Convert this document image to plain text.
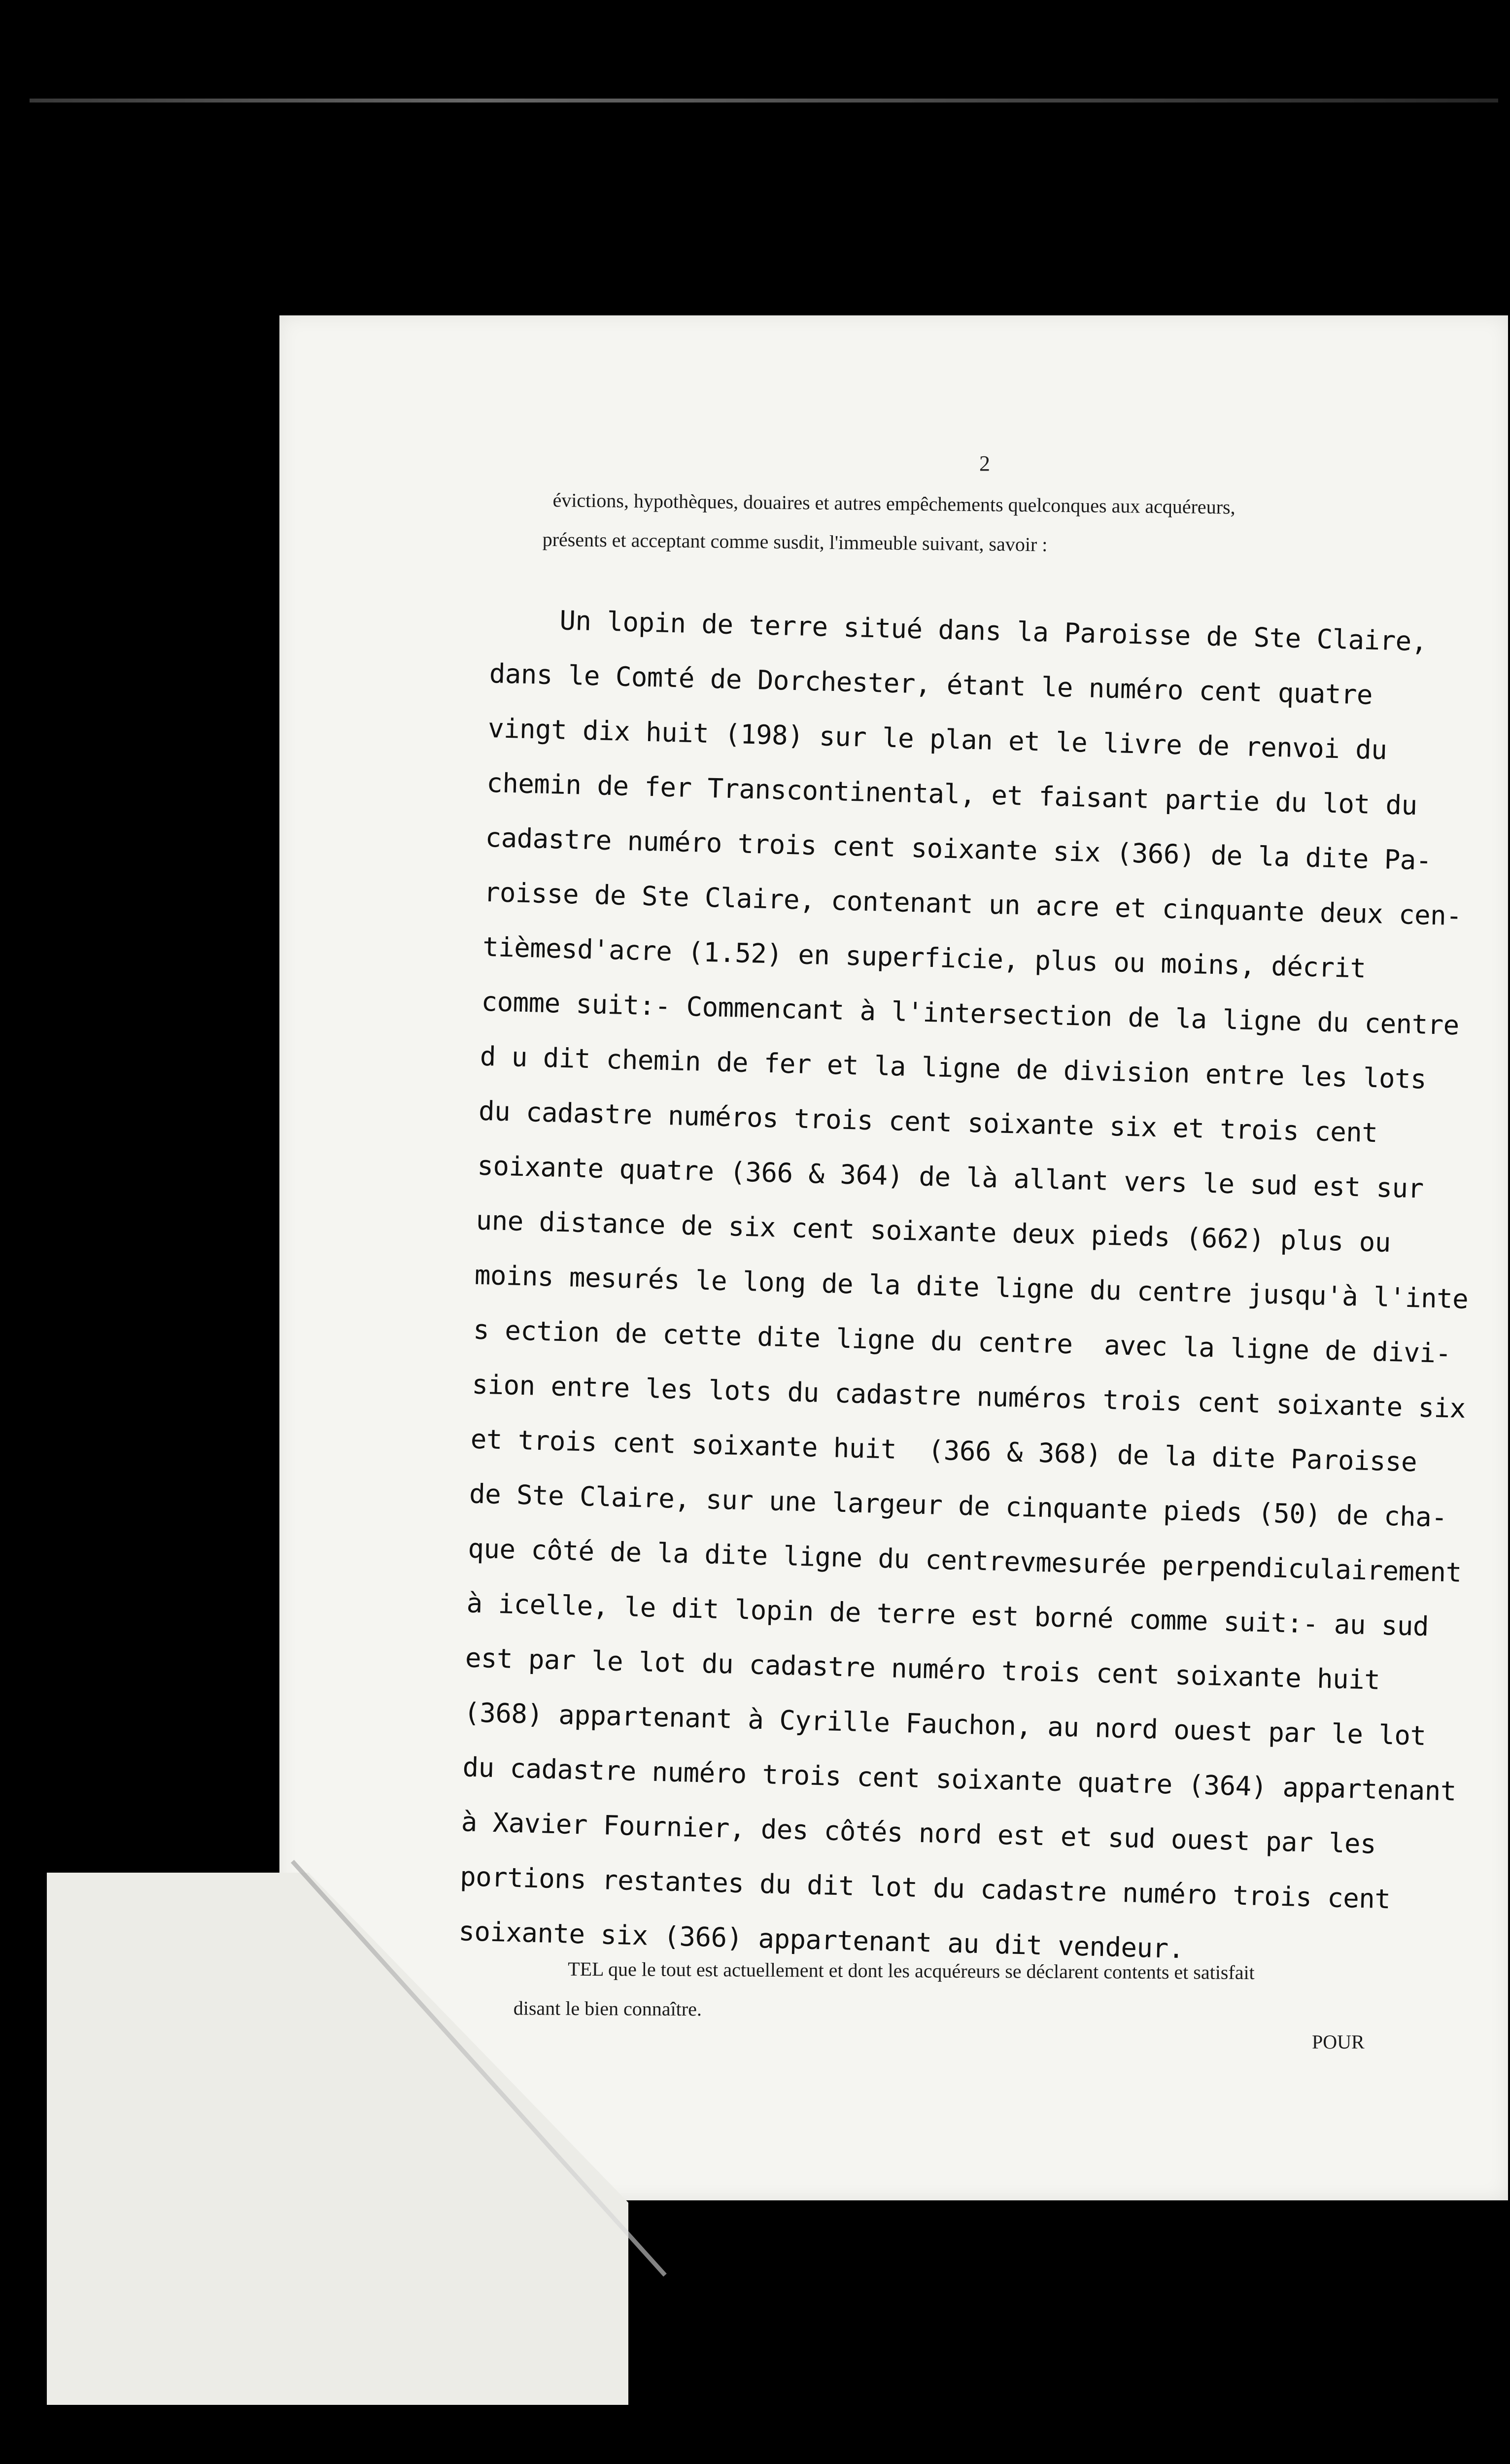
2
évictions, hypothèques, douaires et autres empêchements quelconques aux acquéreurs,

présents et acceptant comme susdit, l'immeuble suivant, savoir :
Un lopin de terre situé dans la Paroisse de Ste Claire,
dans le Comté de Dorchester, étant le numéro cent quatre
vingt dix huit (198) sur le plan et le livre de renvoi du
chemin de fer Transcontinental, et faisant partie du lot du
cadastre numéro trois cent soixante six (366) de la dite Pa-
roisse de Ste Claire, contenant un acre et cinquante deux cen-
tièmesd'acre (1.52) en superficie, plus ou moins, décrit
comme suit:- Commencant à l'intersection de la ligne du centre
d u dit chemin de fer et la ligne de division entre les lots
du cadastre numéros trois cent soixante six et trois cent
soixante quatre (366 & 364) de là allant vers le sud est sur
une distance de six cent soixante deux pieds (662) plus ou
moins mesurés le long de la dite ligne du centre jusqu'à l'inte
s ection de cette dite ligne du centre  avec la ligne de divi-
sion entre les lots du cadastre numéros trois cent soixante six
et trois cent soixante huit  (366 & 368) de la dite Paroisse
de Ste Claire, sur une largeur de cinquante pieds (50) de cha-
que côté de la dite ligne du centrevmesurée perpendiculairement
à icelle, le dit lopin de terre est borné comme suit:- au sud
est par le lot du cadastre numéro trois cent soixante huit
(368) appartenant à Cyrille Fauchon, au nord ouest par le lot
du cadastre numéro trois cent soixante quatre (364) appartenant
à Xavier Fournier, des côtés nord est et sud ouest par les
portions restantes du dit lot du cadastre numéro trois cent
soixante six (366) appartenant au dit vendeur.
TEL que le tout est actuellement et dont les acquéreurs se déclarent contents et satisfait
disant le bien connaître.
POUR
